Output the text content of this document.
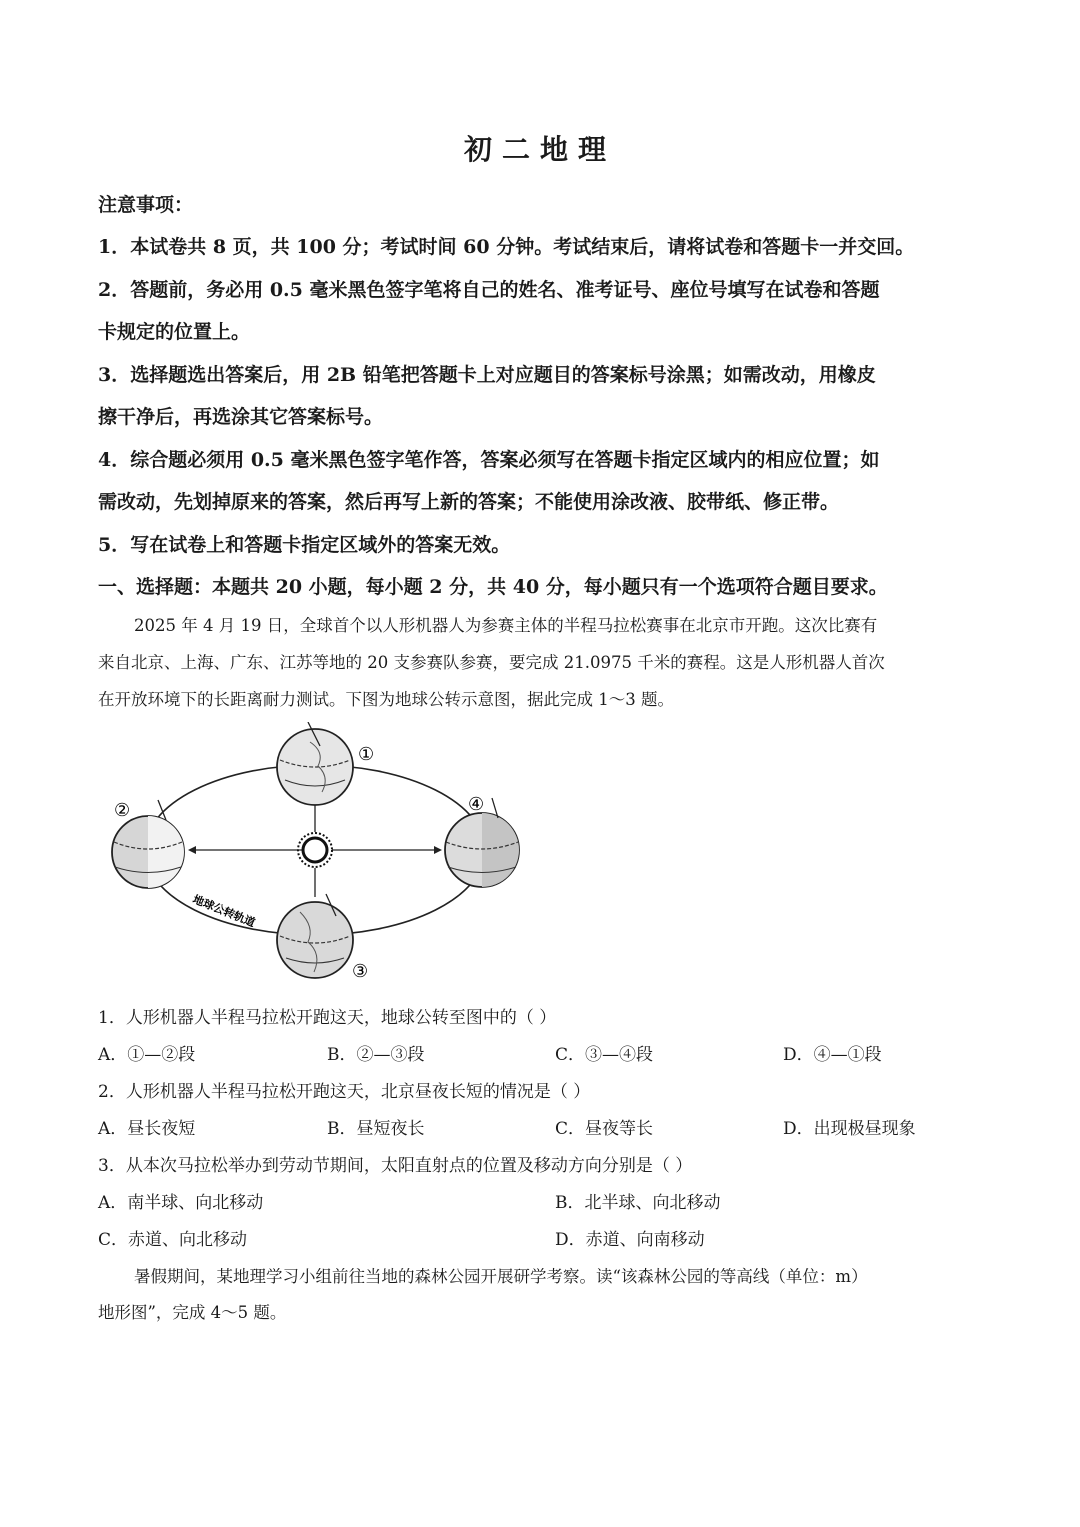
初二地理
注意事项：
1．本试卷共 8 页，共 100 分；考试时间 60 分钟。考试结束后，请将试卷和答题卡一并交回。
2．答题前，务必用 0.5 毫米黑色签字笔将自己的姓名、准考证号、座位号填写在试卷和答题
卡规定的位置上。
3．选择题选出答案后，用 2B 铅笔把答题卡上对应题目的答案标号涂黑；如需改动，用橡皮
擦干净后，再选涂其它答案标号。
4．综合题必须用 0.5 毫米黑色签字笔作答，答案必须写在答题卡指定区域内的相应位置；如
需改动，先划掉原来的答案，然后再写上新的答案；不能使用涂改液、胶带纸、修正带。
5．写在试卷上和答题卡指定区域外的答案无效。
一、选择题：本题共 20 小题，每小题 2 分，共 40 分，每小题只有一个选项符合题目要求。
2025 年 4 月 19 日，全球首个以人形机器人为参赛主体的半程马拉松赛事在北京市开跑。这次比赛有
来自北京、上海、广东、江苏等地的 20 支参赛队参赛，要完成 21.0975 千米的赛程。这是人形机器人首次
在开放环境下的长距离耐力测试。下图为地球公转示意图，据此完成 1～3 题。
①
②
③
④
地球公转轨道
1．人形机器人半程马拉松开跑这天，地球公转至图中的（ ）
A．①—②段	B．②—③段	C．③—④段	D．④—①段
2．人形机器人半程马拉松开跑这天，北京昼夜长短的情况是（ ）
A．昼长夜短	B．昼短夜长	C．昼夜等长	D．出现极昼现象
3．从本次马拉松举办到劳动节期间，太阳直射点的位置及移动方向分别是（ ）
A．南半球、向北移动	B．北半球、向北移动
C．赤道、向北移动	D．赤道、向南移动
暑假期间，某地理学习小组前往当地的森林公园开展研学考察。读“该森林公园的等高线（单位：m）
地形图”，完成 4～5 题。
